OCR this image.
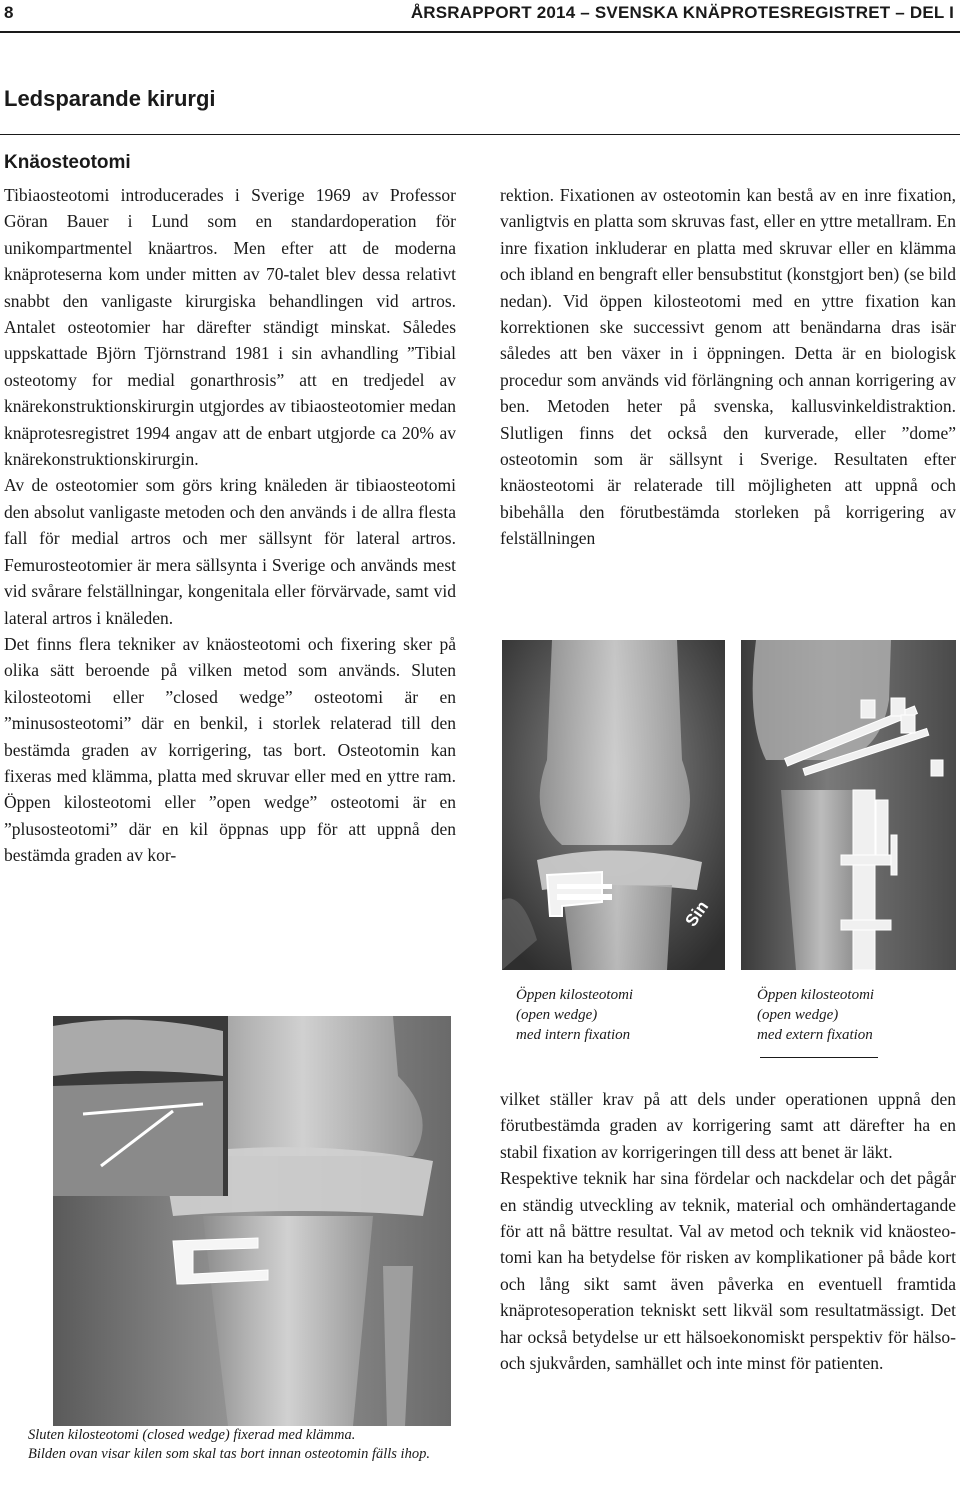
8	ÅRSRAPPORT 2014 – SVENSKA KNÄPROTESREGISTRET – DEL I
Ledsparande kirurgi
Knäosteotomi

Tibiaosteotomi introducerades i Sverige 1969 av Professor Göran Bauer i Lund som en standardoperation för unikompartmentel knäartros. Men efter att de moderna knäproteserna kom under mitten av 70-talet blev dessa relativt snabbt den vanligaste kirurgiska behandlingen vid artros. Antalet osteotomier har därefter ständigt minskat. Således uppskattade Björn Tjörnstrand 1981 i sin avhandling ”Tibial osteotomy for medial gonarthrosis” att en tredjedel av knärekonstruktionskirurgin utgjordes av tibiaosteotomier medan knäprotesregistret 1994 angav att de enbart utgjorde ca 20% av knärekonstruktionskirurgin.

Av de osteotomier som görs kring knäleden är tibiaosteotomi den absolut vanligaste metoden och den används i de allra flesta fall för medial artros och mer sällsynt för lateral artros. Femurosteotomier är mera sällsynta i Sverige och används mest vid svårare felställningar, kongenitala eller förvärvade, samt vid lateral artros i knäleden.

Det finns flera tekniker av knäosteotomi och fixering sker på olika sätt beroende på vilken metod som används. Sluten kilosteotomi eller ”closed wedge” osteotomi är en ”minusosteotomi” där en benkil, i storlek relaterad till den bestämda graden av korrigering, tas bort. Osteotomin kan fixeras med klämma, platta med skruvar eller med en yttre ram. Öppen kilosteotomi eller ”open wedge” osteotomi är en ”plusosteotomi” där en kil öppnas upp för att uppnå den bestämda graden av kor-

rektion. Fixationen av osteotomin kan bestå av en inre fixation, vanligtvis en platta som skruvas fast, eller en yttre metallram. En inre fixation inkluderar en platta med skruvar eller en klämma och ibland en bengraft eller bensubstitut (konstgjort ben) (se bild nedan). Vid öppen kilosteotomi med en yttre fixation kan korrektionen ske successivt genom att benändarna dras isär således att ben växer in i öppningen. Detta är en biologisk procedur som används vid förlängning och annan korrigering av ben. Metoden heter på svenska, kallusvinkeldistraktion. Slutligen finns det också den kurverade, eller ”dome” osteotomin som är sällsynt i Sverige. Resultaten efter knäosteotomi är relaterade till möjligheten att uppnå och bibehålla den förutbestämda storleken på korrigering av felställningen

Sin
Öppen kilosteotomi
(open wedge)
med intern fixation
Öppen kilosteotomi
(open wedge)
med extern fixation

vilket ställer krav på att dels under operationen uppnå den förutbestämda graden av korrigering samt att därefter ha en stabil fixation av korrigeringen till dess att benet är läkt.

Respektive teknik har sina fördelar och nackdelar och det pågår en ständig utveckling av teknik, material och omhändertagande för att nå bättre resultat. Val av metod och teknik vid knäosteotomi kan ha betydelse för risken av komplikationer på både kort och lång sikt samt även påverka en eventuell framtida knäprotesoperation tekniskt sett likväl som resultatmässigt. Det har också betydelse ur ett hälsoekonomiskt perspektiv för hälso- och sjukvården, samhället och inte minst för patienten.

Sluten kilosteotomi (closed wedge) fixerad med klämma.
Bilden ovan visar kilen som skal tas bort innan osteotomin fälls ihop.
